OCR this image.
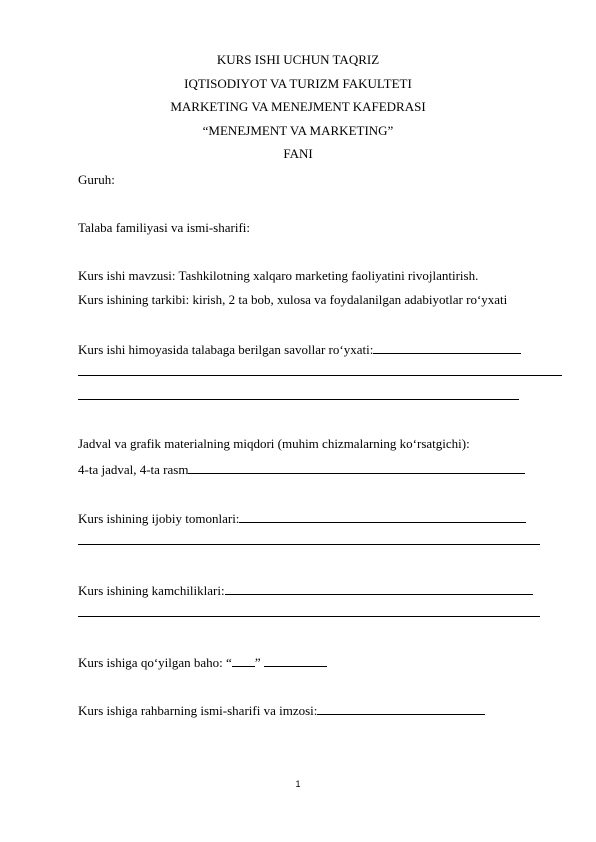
KURS ISHI UCHUN TAQRIZ
IQTISODIYOT VA TURIZM FAKULTETI
MARKETING VA MENEJMENT KAFEDRASI
“MENEJMENT VA MARKETING”
FANI
Guruh:
Talaba familiyasi va ismi-sharifi:
Kurs ishi mavzusi: Tashkilotning xalqaro marketing faoliyatini rivojlantirish.
Kurs ishining tarkibi: kirish, 2 ta bob, xulosa va foydalanilgan adabiyotlar ro‘yxati
Kurs ishi himoyasida talabaga berilgan savollar ro‘yxati:
Jadval va grafik materialning miqdori (muhim chizmalarning ko‘rsatgichi):
4-ta jadval, 4-ta rasm
Kurs ishining ijobiy tomonlari:
Kurs ishining kamchiliklari:
Kurs ishiga qo‘yilgan baho: “ ”
Kurs ishiga rahbarning ismi-sharifi va imzosi:
1
